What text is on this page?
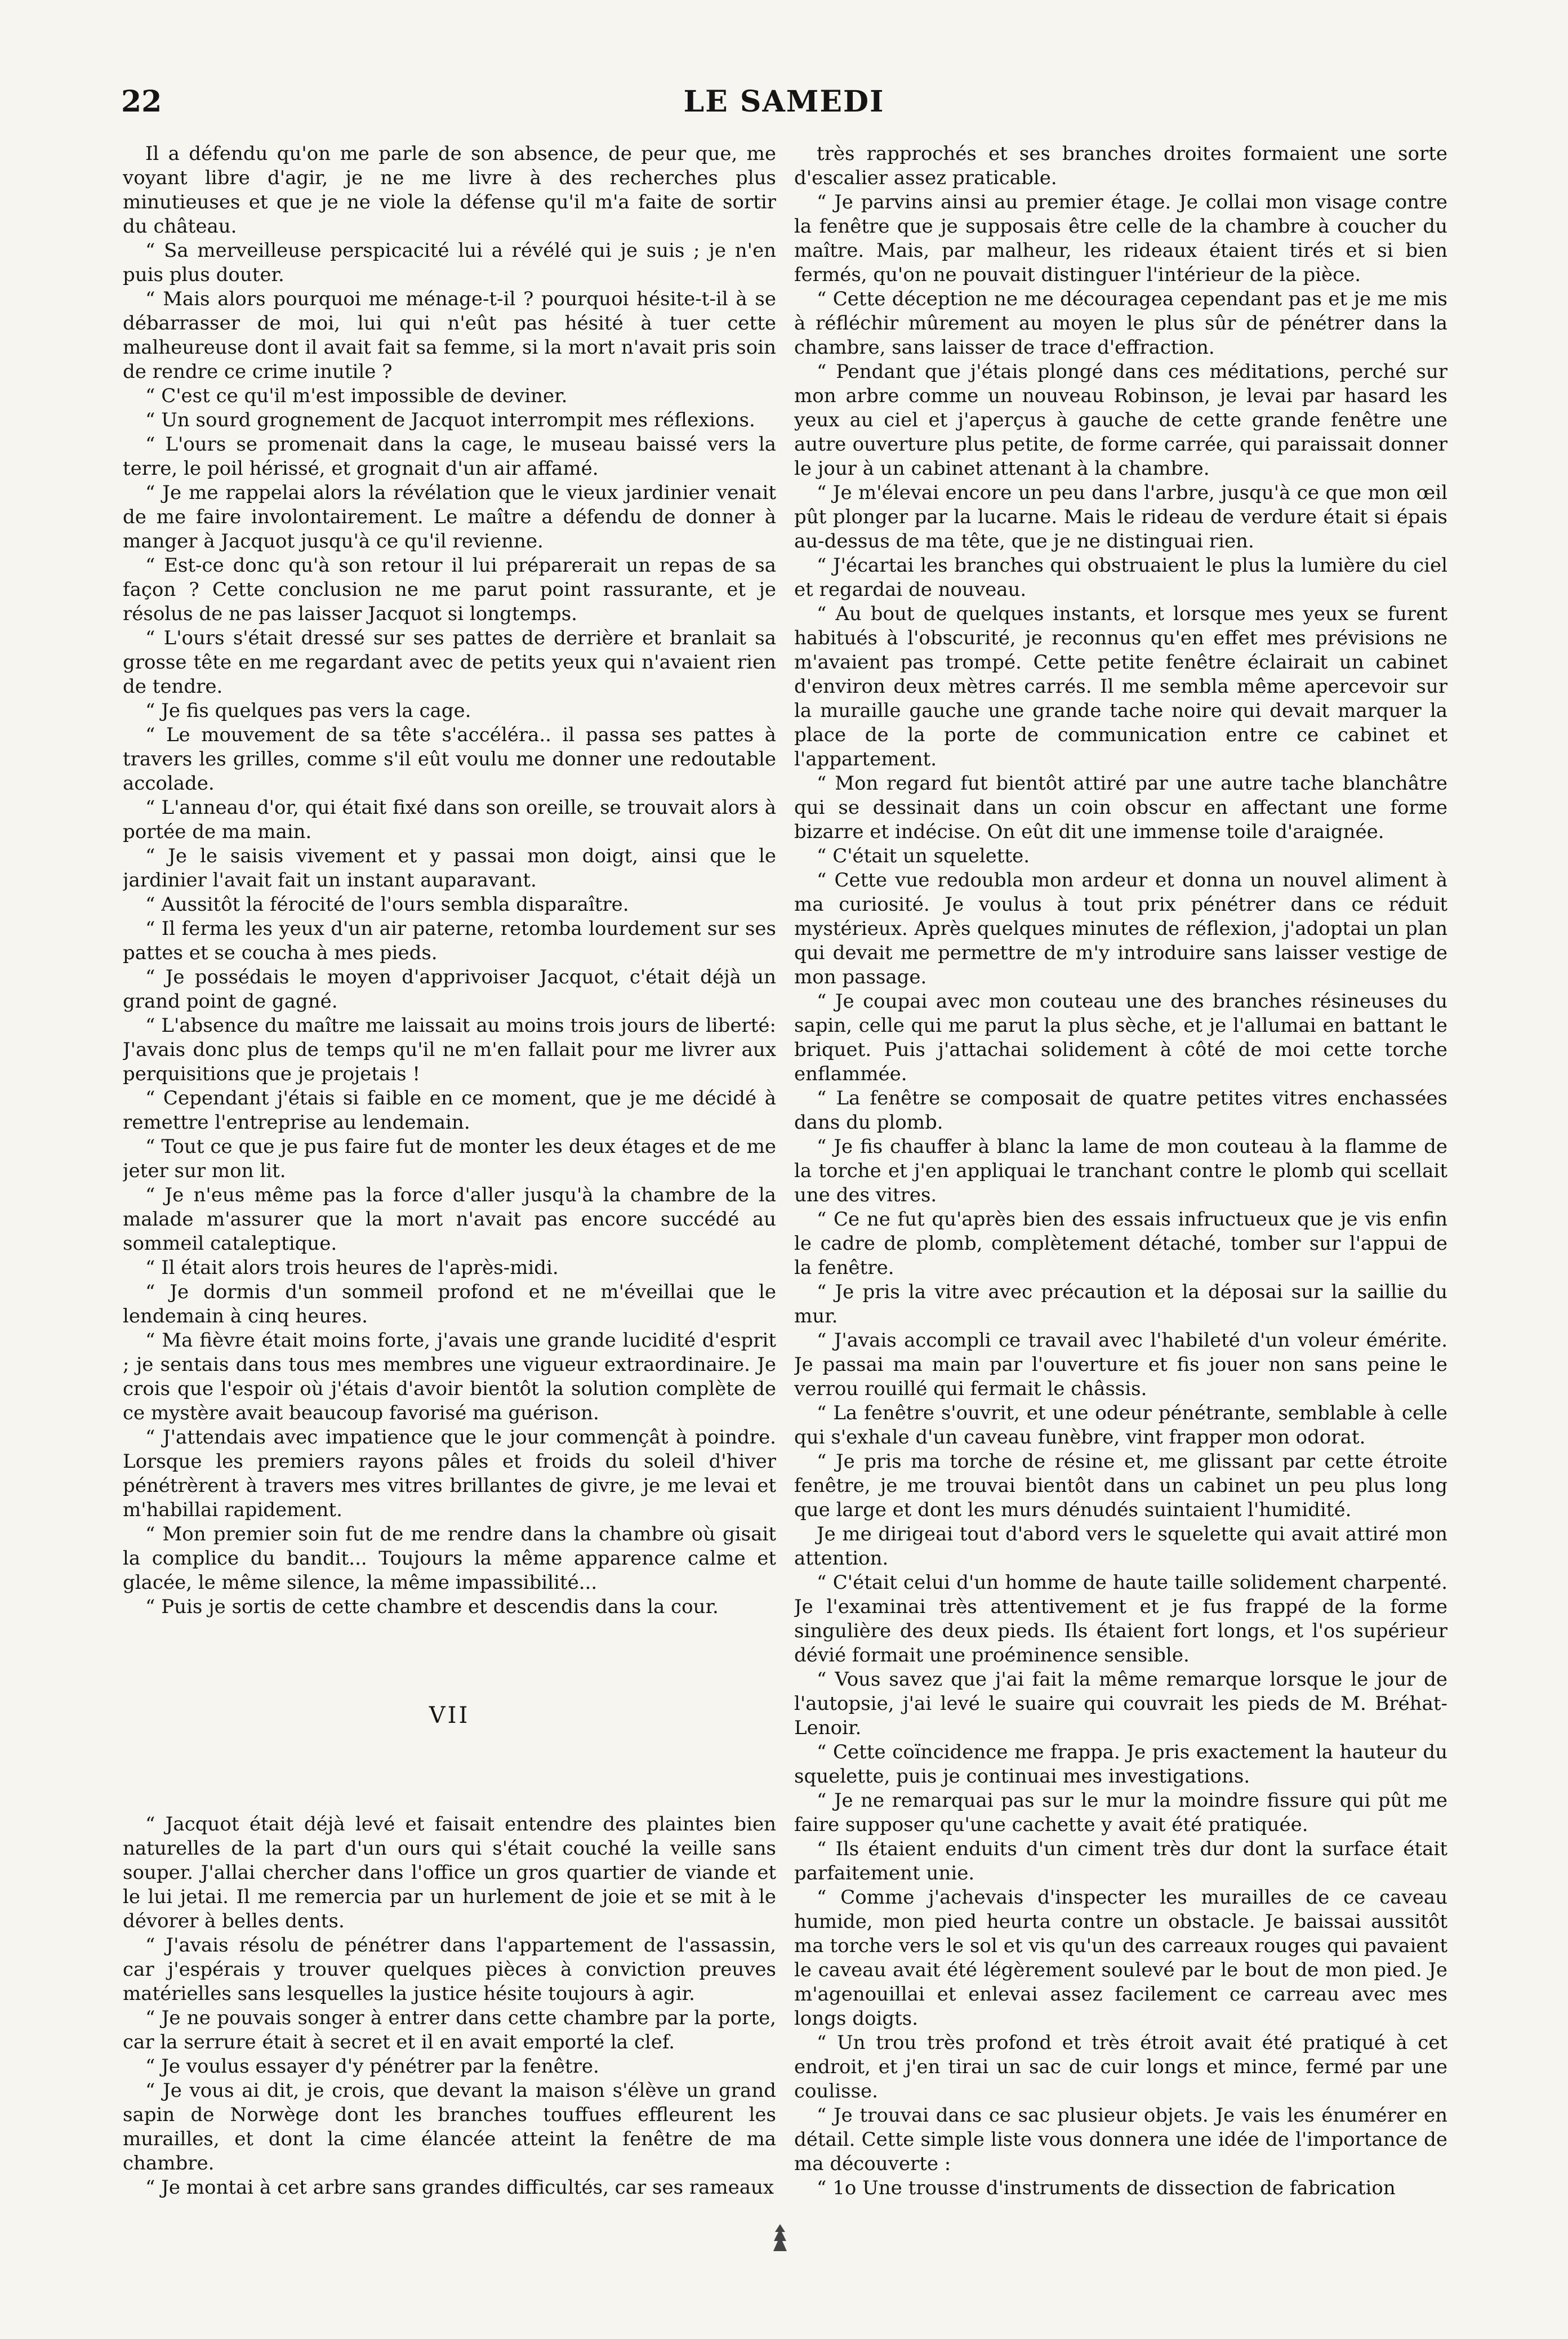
22	LE SAMEDI

Il a défendu qu'on me parle de son absence, de peur que, me voyant libre d'agir, je ne me livre à des recherches plus minutieuses et que je ne viole la défense qu'il m'a faite de sortir du château.

“ Sa merveilleuse perspicacité lui a révélé qui je suis ; je n'en puis plus douter.

“ Mais alors pourquoi me ménage-t-il ? pourquoi hésite-t-il à se débarrasser de moi, lui qui n'eût pas hésité à tuer cette malheureuse dont il avait fait sa femme, si la mort n'avait pris soin de rendre ce crime inutile ?

“ C'est ce qu'il m'est impossible de deviner.

“ Un sourd grognement de Jacquot interrompit mes réflexions.

“ L'ours se promenait dans la cage, le museau baissé vers la terre, le poil hérissé, et grognait d'un air affamé.

“ Je me rappelai alors la révélation que le vieux jardinier venait de me faire involontairement. Le maître a défendu de donner à manger à Jacquot jusqu'à ce qu'il revienne.

“ Est-ce donc qu'à son retour il lui préparerait un repas de sa façon ? Cette conclusion ne me parut point rassurante, et je résolus de ne pas laisser Jacquot si longtemps.

“ L'ours s'était dressé sur ses pattes de derrière et branlait sa grosse tête en me regardant avec de petits yeux qui n'avaient rien de tendre.

“ Je fis quelques pas vers la cage.

“ Le mouvement de sa tête s'accéléra.. il passa ses pattes à travers les grilles, comme s'il eût voulu me donner une redoutable accolade.

“ L'anneau d'or, qui était fixé dans son oreille, se trouvait alors à portée de ma main.

“ Je le saisis vivement et y passai mon doigt, ainsi que le jardinier l'avait fait un instant auparavant.

“ Aussitôt la férocité de l'ours sembla disparaître.

“ Il ferma les yeux d'un air paterne, retomba lourdement sur ses pattes et se coucha à mes pieds.

“ Je possédais le moyen d'apprivoiser Jacquot, c'était déjà un grand point de gagné.

“ L'absence du maître me laissait au moins trois jours de liberté: J'avais donc plus de temps qu'il ne m'en fallait pour me livrer aux perquisitions que je projetais !

“ Cependant j'étais si faible en ce moment, que je me décidé à remettre l'entreprise au lendemain.

“ Tout ce que je pus faire fut de monter les deux étages et de me jeter sur mon lit.

“ Je n'eus même pas la force d'aller jusqu'à la chambre de la malade m'assurer que la mort n'avait pas encore succédé au sommeil cataleptique.

“ Il était alors trois heures de l'après-midi.

“ Je dormis d'un sommeil profond et ne m'éveillai que le lendemain à cinq heures.

“ Ma fièvre était moins forte, j'avais une grande lucidité d'esprit ; je sentais dans tous mes membres une vigueur extraordinaire. Je crois que l'espoir où j'étais d'avoir bientôt la solution complète de ce mystère avait beaucoup favorisé ma guérison.

“ J'attendais avec impatience que le jour commençât à poindre. Lorsque les premiers rayons pâles et froids du soleil d'hiver pénétrèrent à travers mes vitres brillantes de givre, je me levai et m'habillai rapidement.

“ Mon premier soin fut de me rendre dans la chambre où gisait la complice du bandit... Toujours la même apparence calme et glacée, le même silence, la même impassibilité...

“ Puis je sortis de cette chambre et descendis dans la cour.

VII

“ Jacquot était déjà levé et faisait entendre des plaintes bien naturelles de la part d'un ours qui s'était couché la veille sans souper. J'allai chercher dans l'office un gros quartier de viande et le lui jetai. Il me remercia par un hurlement de joie et se mit à le dévorer à belles dents.

“ J'avais résolu de pénétrer dans l'appartement de l'assassin, car j'espérais y trouver quelques pièces à conviction preuves matérielles sans lesquelles la justice hésite toujours à agir.

“ Je ne pouvais songer à entrer dans cette chambre par la porte, car la serrure était à secret et il en avait emporté la clef.

“ Je voulus essayer d'y pénétrer par la fenêtre.

“ Je vous ai dit, je crois, que devant la maison s'élève un grand sapin de Norwège dont les branches touffues effleurent les murailles, et dont la cime élancée atteint la fenêtre de ma chambre.

“ Je montai à cet arbre sans grandes difficultés, car ses rameaux

très rapprochés et ses branches droites formaient une sorte d'escalier assez praticable.

“ Je parvins ainsi au premier étage. Je collai mon visage contre la fenêtre que je supposais être celle de la chambre à coucher du maître. Mais, par malheur, les rideaux étaient tirés et si bien fermés, qu'on ne pouvait distinguer l'intérieur de la pièce.

“ Cette déception ne me découragea cependant pas et je me mis à réfléchir mûrement au moyen le plus sûr de pénétrer dans la chambre, sans laisser de trace d'effraction.

“ Pendant que j'étais plongé dans ces méditations, perché sur mon arbre comme un nouveau Robinson, je levai par hasard les yeux au ciel et j'aperçus à gauche de cette grande fenêtre une autre ouverture plus petite, de forme carrée, qui paraissait donner le jour à un cabinet attenant à la chambre.

“ Je m'élevai encore un peu dans l'arbre, jusqu'à ce que mon œil pût plonger par la lucarne. Mais le rideau de verdure était si épais au-dessus de ma tête, que je ne distinguai rien.

“ J'écartai les branches qui obstruaient le plus la lumière du ciel et regardai de nouveau.

“ Au bout de quelques instants, et lorsque mes yeux se furent habitués à l'obscurité, je reconnus qu'en effet mes prévisions ne m'avaient pas trompé. Cette petite fenêtre éclairait un cabinet d'environ deux mètres carrés. Il me sembla même apercevoir sur la muraille gauche une grande tache noire qui devait marquer la place de la porte de communication entre ce cabinet et l'appartement.

“ Mon regard fut bientôt attiré par une autre tache blanchâtre qui se dessinait dans un coin obscur en affectant une forme bizarre et indécise. On eût dit une immense toile d'araignée.

“ C'était un squelette.

“ Cette vue redoubla mon ardeur et donna un nouvel aliment à ma curiosité. Je voulus à tout prix pénétrer dans ce réduit mystérieux. Après quelques minutes de réflexion, j'adoptai un plan qui devait me permettre de m'y introduire sans laisser vestige de mon passage.

“ Je coupai avec mon couteau une des branches résineuses du sapin, celle qui me parut la plus sèche, et je l'allumai en battant le briquet. Puis j'attachai solidement à côté de moi cette torche enflammée.

“ La fenêtre se composait de quatre petites vitres enchassées dans du plomb.

“ Je fis chauffer à blanc la lame de mon couteau à la flamme de la torche et j'en appliquai le tranchant contre le plomb qui scellait une des vitres.

“ Ce ne fut qu'après bien des essais infructueux que je vis enfin le cadre de plomb, complètement détaché, tomber sur l'appui de la fenêtre.

“ Je pris la vitre avec précaution et la déposai sur la saillie du mur.

“ J'avais accompli ce travail avec l'habileté d'un voleur émérite. Je passai ma main par l'ouverture et fis jouer non sans peine le verrou rouillé qui fermait le châssis.

“ La fenêtre s'ouvrit, et une odeur pénétrante, semblable à celle qui s'exhale d'un caveau funèbre, vint frapper mon odorat.

“ Je pris ma torche de résine et, me glissant par cette étroite fenêtre, je me trouvai bientôt dans un cabinet un peu plus long que large et dont les murs dénudés suintaient l'humidité.

Je me dirigeai tout d'abord vers le squelette qui avait attiré mon attention.

“ C'était celui d'un homme de haute taille solidement charpenté. Je l'examinai très attentivement et je fus frappé de la forme singulière des deux pieds. Ils étaient fort longs, et l'os supérieur dévié formait une proéminence sensible.

“ Vous savez que j'ai fait la même remarque lorsque le jour de l'autopsie, j'ai levé le suaire qui couvrait les pieds de M. Bréhat-Lenoir.

“ Cette coïncidence me frappa. Je pris exactement la hauteur du squelette, puis je continuai mes investigations.

“ Je ne remarquai pas sur le mur la moindre fissure qui pût me faire supposer qu'une cachette y avait été pratiquée.

“ Ils étaient enduits d'un ciment très dur dont la surface était parfaitement unie.

“ Comme j'achevais d'inspecter les murailles de ce caveau humide, mon pied heurta contre un obstacle. Je baissai aussitôt ma torche vers le sol et vis qu'un des carreaux rouges qui pavaient le caveau avait été légèrement soulevé par le bout de mon pied. Je m'agenouillai et enlevai assez facilement ce carreau avec mes longs doigts.

“ Un trou très profond et très étroit avait été pratiqué à cet endroit, et j'en tirai un sac de cuir longs et mince, fermé par une coulisse.

“ Je trouvai dans ce sac plusieur objets. Je vais les énumérer en détail. Cette simple liste vous donnera une idée de l'importance de ma découverte :

“ 1o Une trousse d'instruments de dissection de fabrication
